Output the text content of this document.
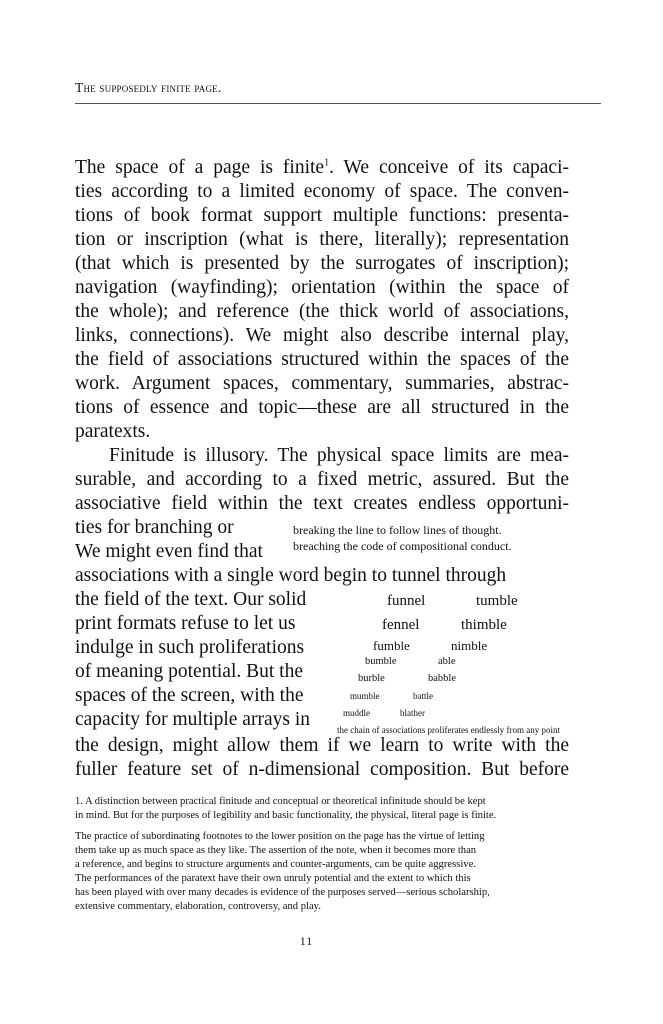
The supposedly finite page.
The space of a page is finite$^1$. We conceive of its capaci-
ties according to a limited economy of space. The conven-
tions of book format support multiple functions: presenta-
tion or inscription (what is there, literally); representation
(that which is presented by the surrogates of inscription);
navigation (wayfinding); orientation (within the space of
the whole); and reference (the thick world of associations,
links, connections). We might also describe internal play,
the field of associations structured within the spaces of the
work. Argument spaces, commentary, summaries, abstrac-
tions of essence and topic—these are all structured in the
paratexts.
Finitude is illusory. The physical space limits are mea-
surable, and according to a fixed metric, assured. But the
associative field within the text creates endless opportuni-
ties for branching or
We might even find that
breaking the line to follow lines of thought.
breaching the code of compositional conduct.
associations with a single word begin to tunnel through
the field of the text. Our solid
print formats refuse to let us
indulge in such proliferations
of meaning potential. But the
spaces of the screen, with the
capacity for multiple arrays in
the design, might allow them if we learn to write with the
fuller feature set of n-dimensional composition. But before
funnel	tumble
fennel	thimble
fumble	nimble
bumble	able
burble	babble
mumble	battle
muddle	blather
the chain of associations proliferates endlessly from any point
1. A distinction between practical finitude and conceptual or theoretical infinitude should be kept
in mind. But for the purposes of legibility and basic functionality, the physical, literal page is finite.
The practice of subordinating footnotes to the lower position on the page has the virtue of letting
them take up as much space as they like. The assertion of the note, when it becomes more than
a reference, and begins to structure arguments and counter-arguments, can be quite aggressive.
The performances of the paratext have their own unruly potential and the extent to which this
has been played with over many decades is evidence of the purposes served—serious scholarship,
extensive commentary, elaboration, controversy, and play.
11
